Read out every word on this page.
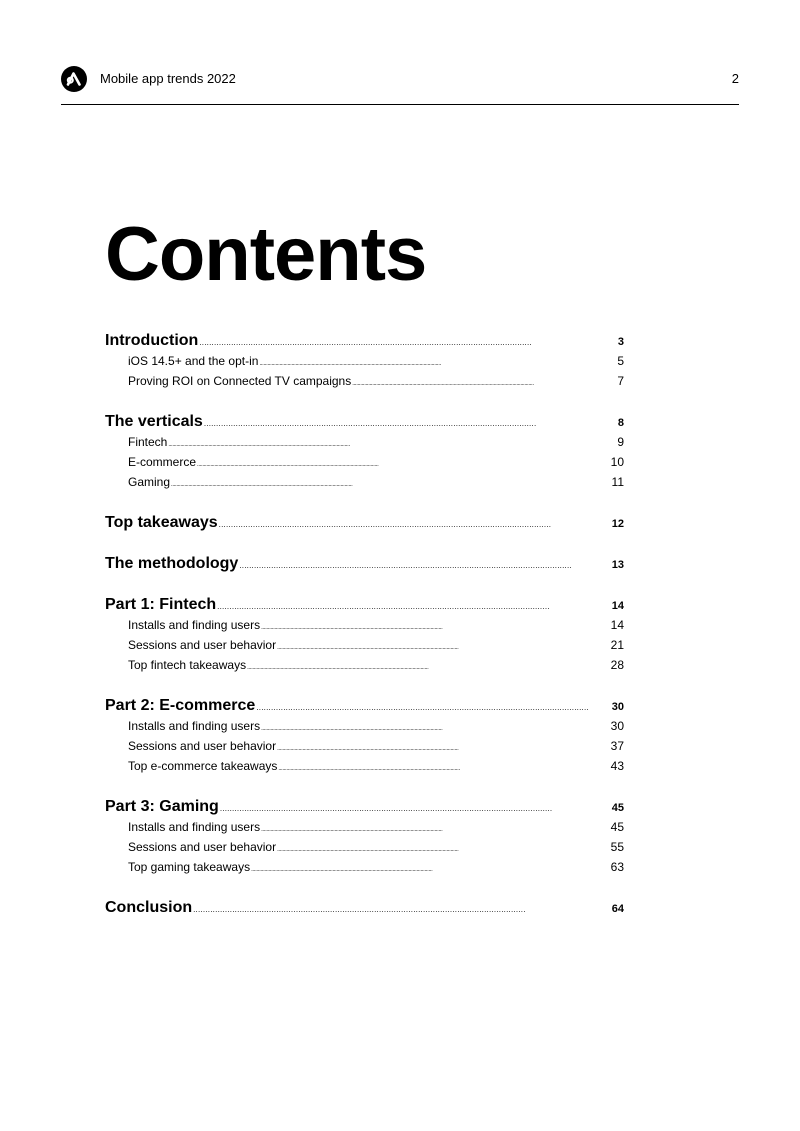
Mobile app trends 2022	2
Contents
Introduction . . .	3
iOS 14.5+ and the opt-in . . .	5
Proving ROI on Connected TV campaigns . . .	7
The verticals . . .	8
Fintech . . .	9
E-commerce . . .	10
Gaming . . .	11
Top takeaways . . .	12
The methodology . . .	13
Part 1: Fintech . . .	14
Installs and finding users . . .	14
Sessions and user behavior . . .	21
Top fintech takeaways . . .	28
Part 2: E-commerce . . .	30
Installs and finding users . . .	30
Sessions and user behavior . . .	37
Top e-commerce takeaways . . .	43
Part 3: Gaming . . .	45
Installs and finding users . . .	45
Sessions and user behavior . . .	55
Top gaming takeaways . . .	63
Conclusion . . .	64
